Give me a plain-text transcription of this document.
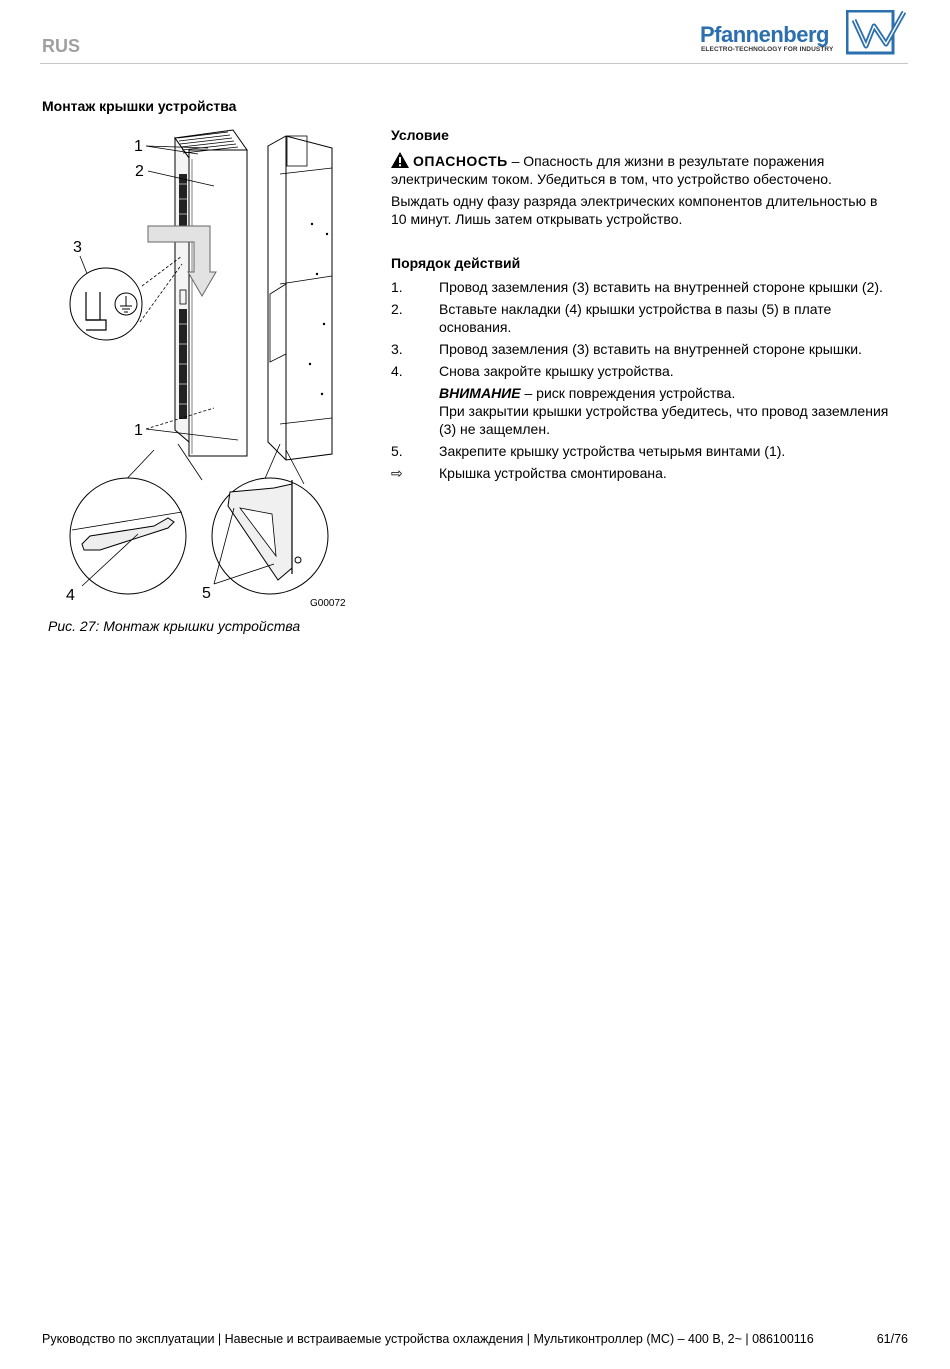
RUS	Pfannenberg
ELECTRO-TECHNOLOGY FOR INDUSTRY
Монтаж крышки устройства
1
2
3
1
4	5
G00072
Рис. 27: Монтаж крышки устройства
Условие

ОПАСНОСТЬ – Опасность для жизни в результате поражения электрическим током. Убедиться в том, что устройство обесточено.

Выждать одну фазу разряда электрических компонентов длительностью в 10 минут. Лишь затем открывать устройство.

Порядок действий
1.	Провод заземления (3) вставить на внутренней стороне крышки (2).
2.	Вставьте накладки (4) крышки устройства в пазы (5) в плате основания.
3.	Провод заземления (3) вставить на внутренней стороне крышки.
4.	Снова закройте крышку устройства.
ВНИМАНИЕ – риск повреждения устройства.
При закрытии крышки устройства убедитесь, что провод заземления (3) не защемлен.
5.	Закрепите крышку устройства четырьмя винтами (1).
⇨	Крышка устройства смонтирована.
Руководство по эксплуатации | Навесные и встраиваемые устройства охлаждения | Мультиконтроллер (MC) – 400 В, 2~ | 086100116	61/76
